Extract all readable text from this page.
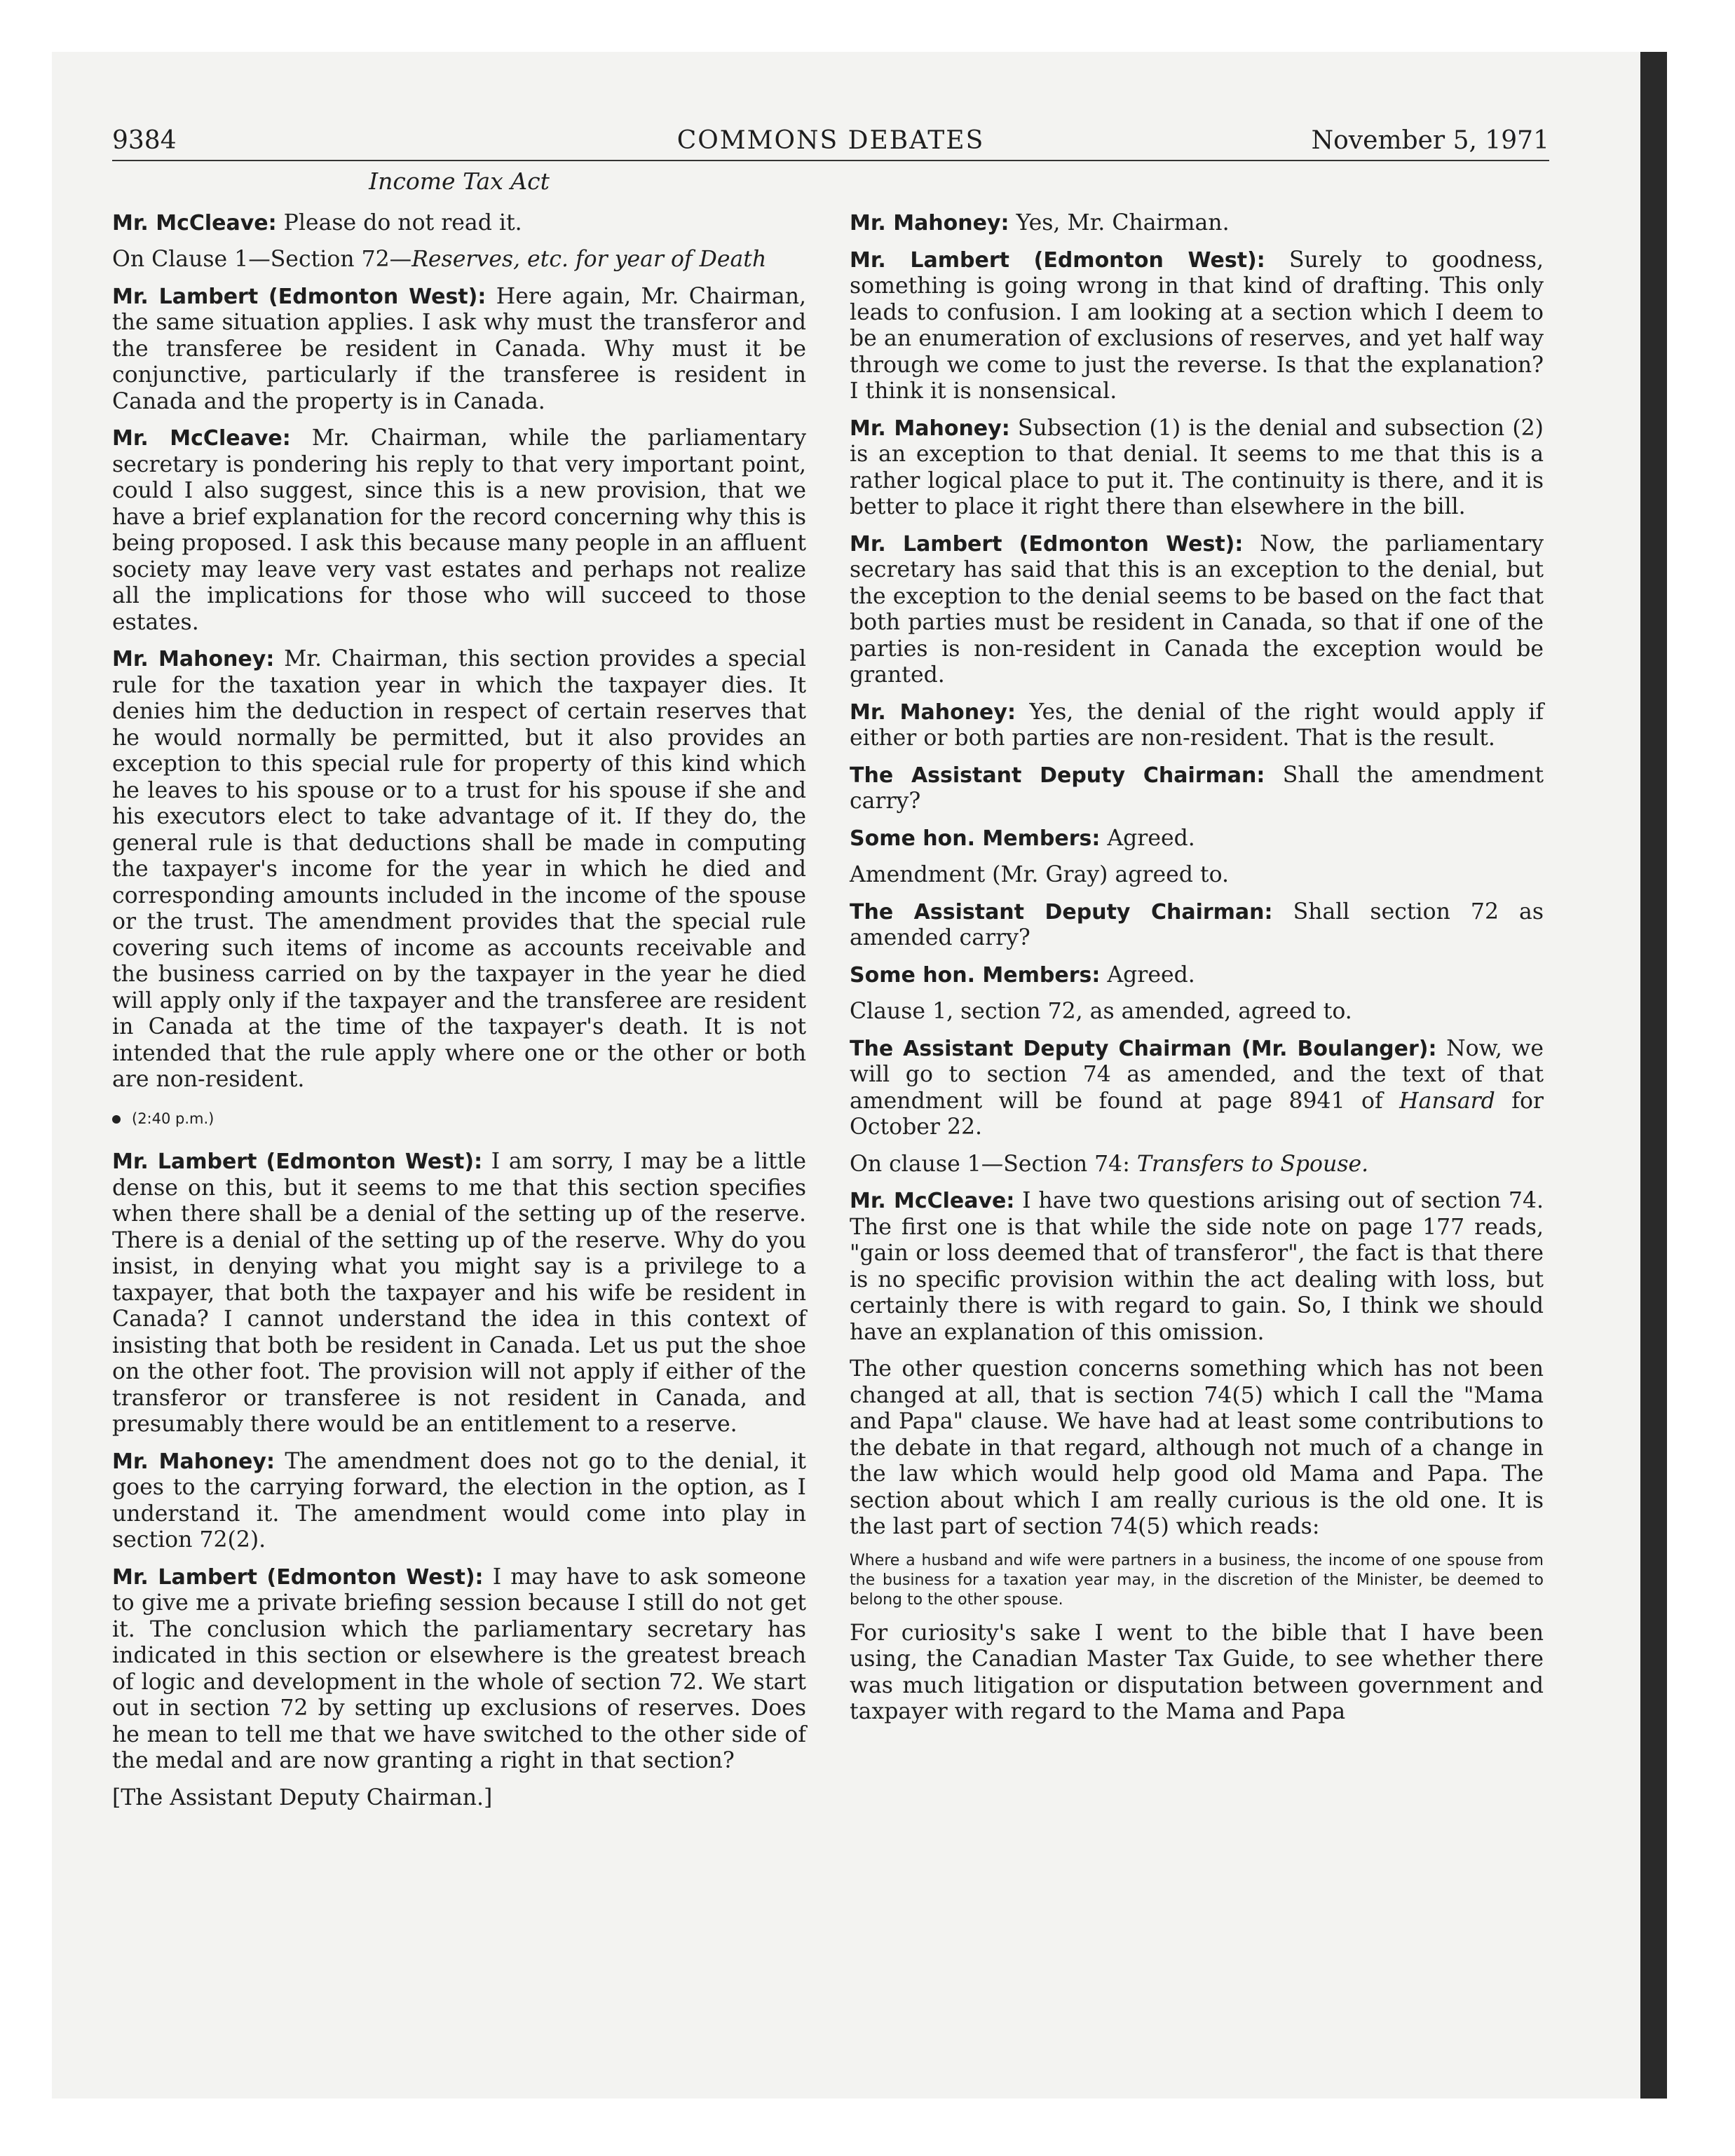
9384	COMMONS DEBATES	November 5, 1971
Income Tax Act

Mr. McCleave: Please do not read it.

On Clause 1—Section 72—Reserves, etc. for year of Death

Mr. Lambert (Edmonton West): Here again, Mr. Chairman, the same situation applies. I ask why must the transferor and the transferee be resident in Canada. Why must it be conjunctive, particularly if the transferee is resident in Canada and the property is in Canada.

Mr. McCleave: Mr. Chairman, while the parliamentary secretary is pondering his reply to that very important point, could I also suggest, since this is a new provision, that we have a brief explanation for the record concerning why this is being proposed. I ask this because many people in an affluent society may leave very vast estates and perhaps not realize all the implications for those who will succeed to those estates.

Mr. Mahoney: Mr. Chairman, this section provides a special rule for the taxation year in which the taxpayer dies. It denies him the deduction in respect of certain reserves that he would normally be permitted, but it also provides an exception to this special rule for property of this kind which he leaves to his spouse or to a trust for his spouse if she and his executors elect to take advantage of it. If they do, the general rule is that deductions shall be made in computing the taxpayer's income for the year in which he died and corresponding amounts included in the income of the spouse or the trust. The amendment provides that the special rule covering such items of income as accounts receivable and the business carried on by the taxpayer in the year he died will apply only if the taxpayer and the transferee are resident in Canada at the time of the taxpayer's death. It is not intended that the rule apply where one or the other or both are non-resident.

(2:40 p.m.)

Mr. Lambert (Edmonton West): I am sorry, I may be a little dense on this, but it seems to me that this section specifies when there shall be a denial of the setting up of the reserve. There is a denial of the setting up of the reserve. Why do you insist, in denying what you might say is a privilege to a taxpayer, that both the taxpayer and his wife be resident in Canada? I cannot understand the idea in this context of insisting that both be resident in Canada. Let us put the shoe on the other foot. The provision will not apply if either of the transferor or transferee is not resident in Canada, and presumably there would be an entitlement to a reserve.

Mr. Mahoney: The amendment does not go to the denial, it goes to the carrying forward, the election in the option, as I understand it. The amendment would come into play in section 72(2).

Mr. Lambert (Edmonton West): I may have to ask someone to give me a private briefing session because I still do not get it. The conclusion which the parliamentary secretary has indicated in this section or elsewhere is the greatest breach of logic and development in the whole of section 72. We start out in section 72 by setting up exclusions of reserves. Does he mean to tell me that we have switched to the other side of the medal and are now granting a right in that section?

[The Assistant Deputy Chairman.]

Mr. Mahoney: Yes, Mr. Chairman.

Mr. Lambert (Edmonton West): Surely to goodness, something is going wrong in that kind of drafting. This only leads to confusion. I am looking at a section which I deem to be an enumeration of exclusions of reserves, and yet half way through we come to just the reverse. Is that the explanation? I think it is nonsensical.

Mr. Mahoney: Subsection (1) is the denial and subsection (2) is an exception to that denial. It seems to me that this is a rather logical place to put it. The continuity is there, and it is better to place it right there than elsewhere in the bill.

Mr. Lambert (Edmonton West): Now, the parliamentary secretary has said that this is an exception to the denial, but the exception to the denial seems to be based on the fact that both parties must be resident in Canada, so that if one of the parties is non-resident in Canada the exception would be granted.

Mr. Mahoney: Yes, the denial of the right would apply if either or both parties are non-resident. That is the result.

The Assistant Deputy Chairman: Shall the amendment carry?

Some hon. Members: Agreed.

Amendment (Mr. Gray) agreed to.

The Assistant Deputy Chairman: Shall section 72 as amended carry?

Some hon. Members: Agreed.

Clause 1, section 72, as amended, agreed to.

The Assistant Deputy Chairman (Mr. Boulanger): Now, we will go to section 74 as amended, and the text of that amendment will be found at page 8941 of Hansard for October 22.

On clause 1—Section 74: Transfers to Spouse.

Mr. McCleave: I have two questions arising out of section 74. The first one is that while the side note on page 177 reads, "gain or loss deemed that of transferor", the fact is that there is no specific provision within the act dealing with loss, but certainly there is with regard to gain. So, I think we should have an explanation of this omission.

The other question concerns something which has not been changed at all, that is section 74(5) which I call the "Mama and Papa" clause. We have had at least some contributions to the debate in that regard, although not much of a change in the law which would help good old Mama and Papa. The section about which I am really curious is the old one. It is the last part of section 74(5) which reads:

Where a husband and wife were partners in a business, the income of one spouse from the business for a taxation year may, in the discretion of the Minister, be deemed to belong to the other spouse.

For curiosity's sake I went to the bible that I have been using, the Canadian Master Tax Guide, to see whether there was much litigation or disputation between government and taxpayer with regard to the Mama and Papa
